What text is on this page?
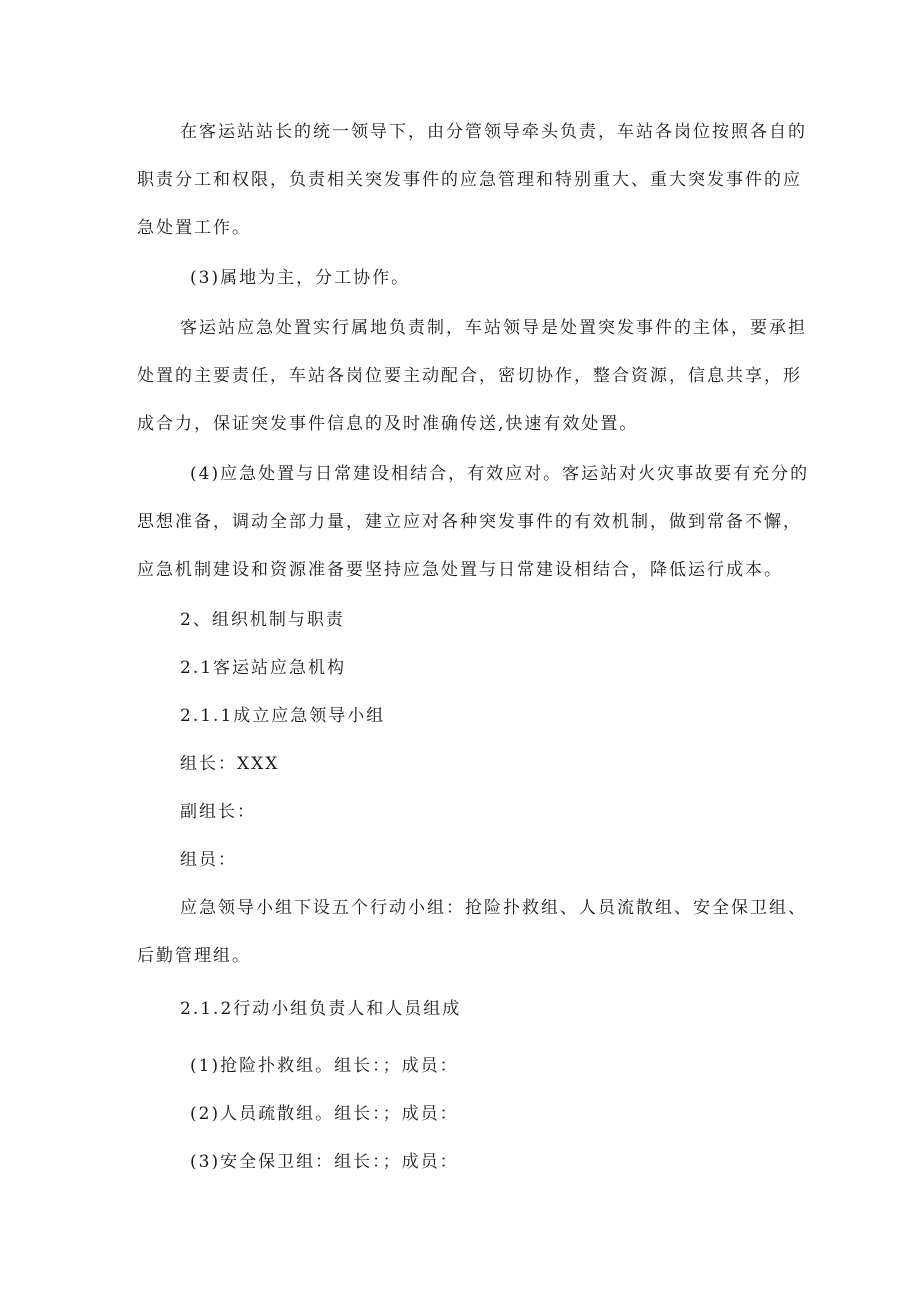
在客运站站长的统一领导下，由分管领导牵头负责，车站各岗位按照各自的
职责分工和权限，负责相关突发事件的应急管理和特别重大、重大突发事件的应
急处置工作。
(3)属地为主，分工协作。
客运站应急处置实行属地负责制，车站领导是处置突发事件的主体，要承担
处置的主要责任，车站各岗位要主动配合，密切协作，整合资源，信息共享，形
成合力，保证突发事件信息的及时准确传送,快速有效处置。
(4)应急处置与日常建设相结合，有效应对。客运站对火灾事故要有充分的
思想准备，调动全部力量，建立应对各种突发事件的有效机制，做到常备不懈，
应急机制建设和资源准备要坚持应急处置与日常建设相结合，降低运行成本。
2、组织机制与职责
2.1客运站应急机构
2.1.1成立应急领导小组
组长：XXX
副组长：
组员：
应急领导小组下设五个行动小组：抢险扑救组、人员流散组、安全保卫组、
后勤管理组。
2.1.2行动小组负责人和人员组成
(1)抢险扑救组。组长：；成员：
(2)人员疏散组。组长：；成员：
(3)安全保卫组：组长：；成员：
